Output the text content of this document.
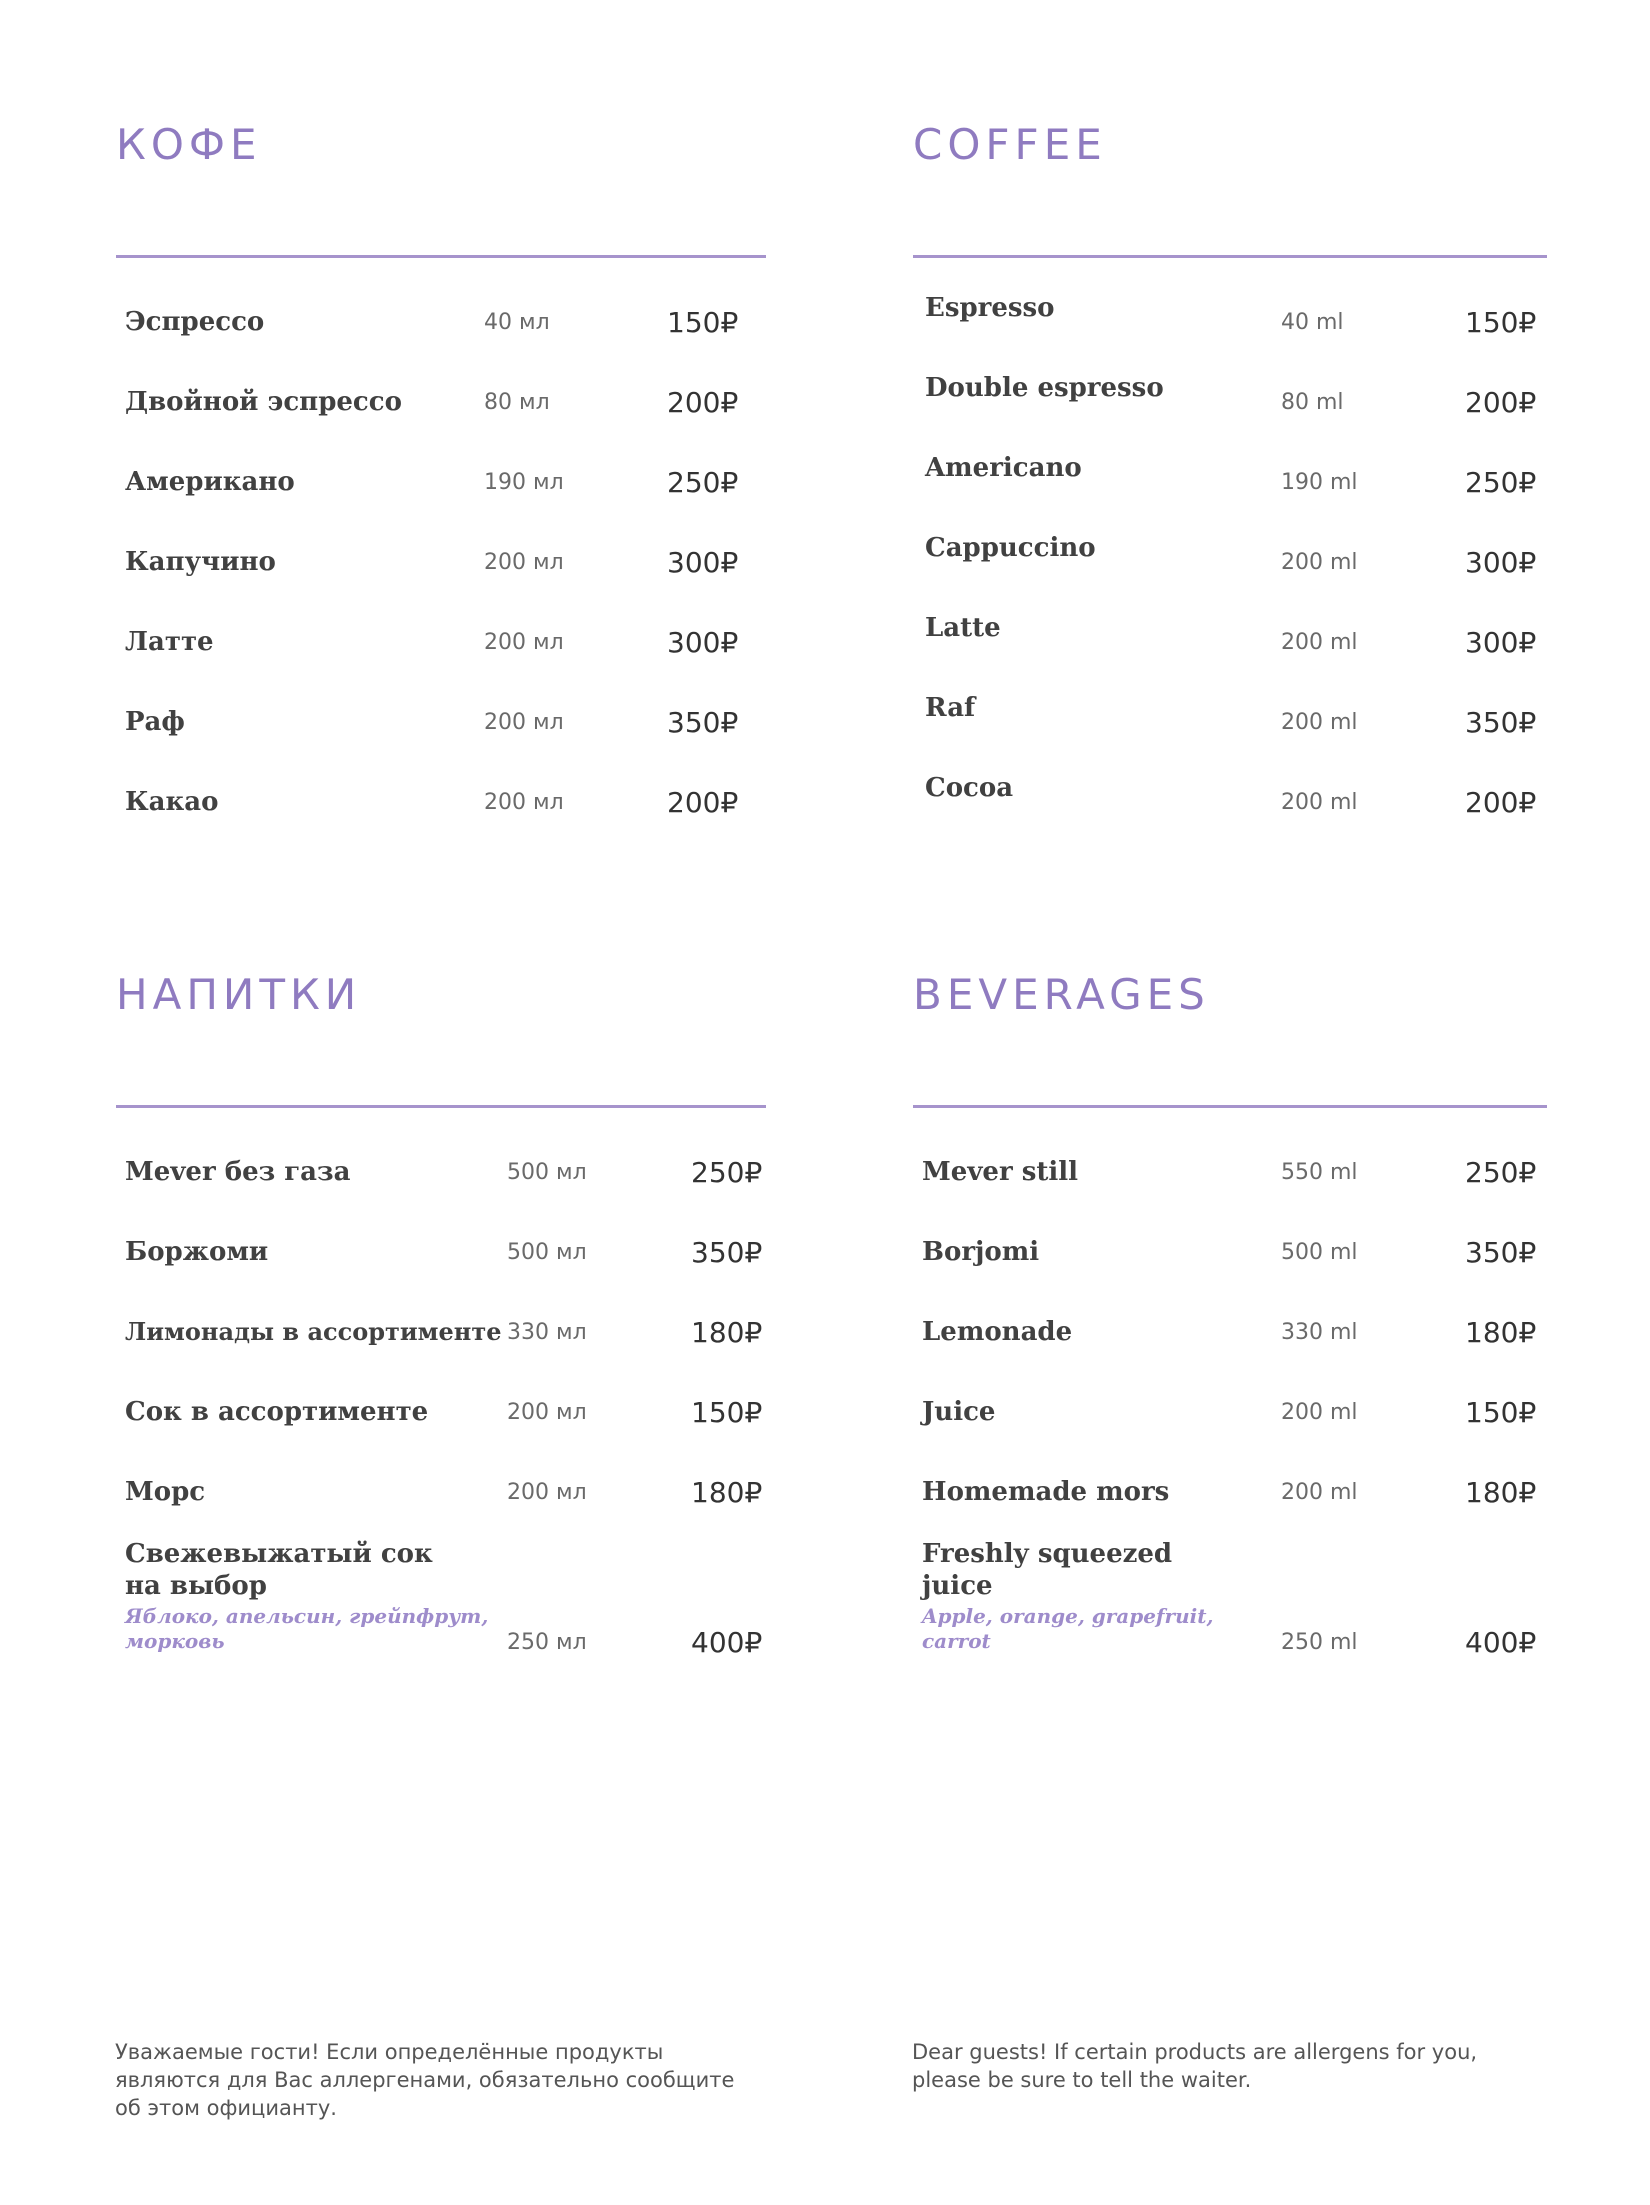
КОФЕ
Эспрессо	40 мл	150₽
Двойной эспрессо	80 мл	200₽
Американо	190 мл	250₽
Капучино	200 мл	300₽
Латте	200 мл	300₽
Раф	200 мл	350₽
Какао	200 мл	200₽
COFFEE
Espresso	40 ml	150₽
Double espresso	80 ml	200₽
Americano	190 ml	250₽
Cappuccino	200 ml	300₽
Latte	200 ml	300₽
Raf	200 ml	350₽
Cocoa	200 ml	200₽
НАПИТКИ
Mever без газа	500 мл	250₽
Боржоми	500 мл	350₽
Лимонады в ассортименте 330 мл	180₽
Сок в ассортименте	200 мл	150₽
Морс	200 мл	180₽
Свежевыжатый сок
на выбор
Яблоко, апельсин, грейпфрут,
морковь	250 мл	400₽
BEVERAGES
Mever still	550 ml	250₽
Borjomi	500 ml	350₽
Lemonade	330 ml	180₽
Juice	200 ml	150₽
Homemade mors	200 ml	180₽
Freshly squeezed
juice
Apple, orange, grapefruit,
carrot	250 ml	400₽
Уважаемые гости! Если определённые продукты
являются для Вас аллергенами, обязательно сообщите
об этом официанту.
Dear guests! If certain products are allergens for you,
please be sure to tell the waiter.
